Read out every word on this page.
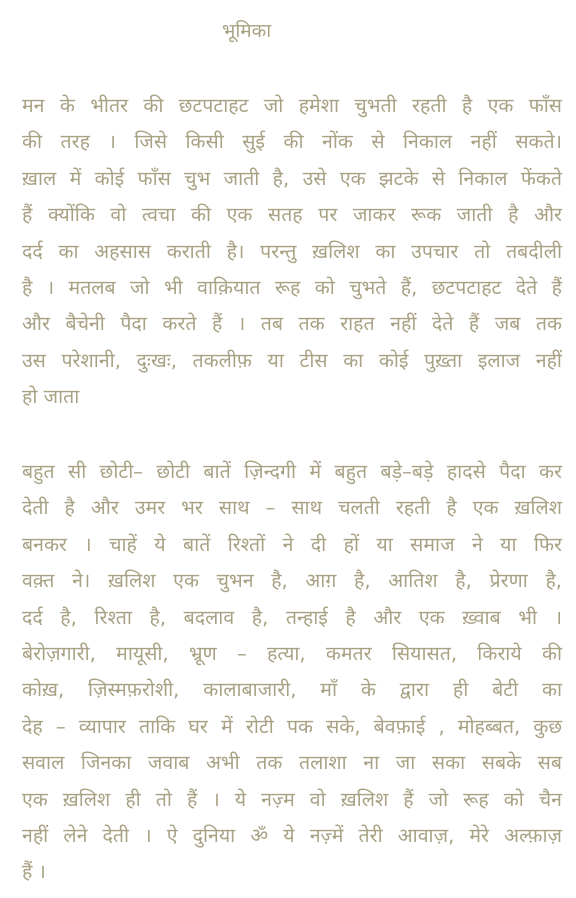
भूमिका
मन के भीतर की छटपटाहट जो हमेशा चुभती रहती है एक फाँस
की तरह । जिसे किसी सुई की नोंक से निकाल नहीं सकते।
ख़ाल में कोई फाँस चुभ जाती है, उसे एक झटके से निकाल फेंकते
हैं क्योंकि वो त्वचा की एक सतह पर जाकर रूक जाती है और
दर्द का अहसास कराती है। परन्तु ख़लिश का उपचार तो तबदीली
है । मतलब जो भी वाक़ियात रूह को चुभते हैं, छटपटाहट देते हैं
और बैचेनी पैदा करते हैं । तब तक राहत नहीं देते हैं जब तक
उस परेशानी, दुःखः, तकलीफ़ या टीस का कोई पुख़्ता इलाज नहीं
हो जाता
बहुत सी छोटी– छोटी बातें ज़िन्दगी में बहुत बड़े–बड़े हादसे पैदा कर
देती है और उमर भर साथ – साथ चलती रहती है एक ख़लिश
बनकर । चाहें ये बातें रिश्तों ने दी हों या समाज ने या फिर
वक़्त ने। ख़लिश एक चुभन है, आग़ है, आतिश है, प्रेरणा है,
दर्द है, रिश्ता है, बदलाव है, तन्हाई है और एक ख़्वाब भी ।
बेरोज़गारी, मायूसी, भ्रूण – हत्या, कमतर सियासत, किराये की
कोख़, ज़िस्मफ़रोशी, कालाबाजारी, माँ के द्वारा ही बेटी का
देह – व्यापार ताकि घर में रोटी पक सके, बेवफ़ाई , मोहब्बत, कुछ
सवाल जिनका जवाब अभी तक तलाशा ना जा सका सबके सब
एक ख़लिश ही तो हैं । ये नज़्म वो ख़लिश हैं जो रूह को चैन
नहीं लेने देती । ऐ दुनिया ॐ ये नज़्में तेरी आवाज़, मेरे अल्फ़ाज़
हैं ।
